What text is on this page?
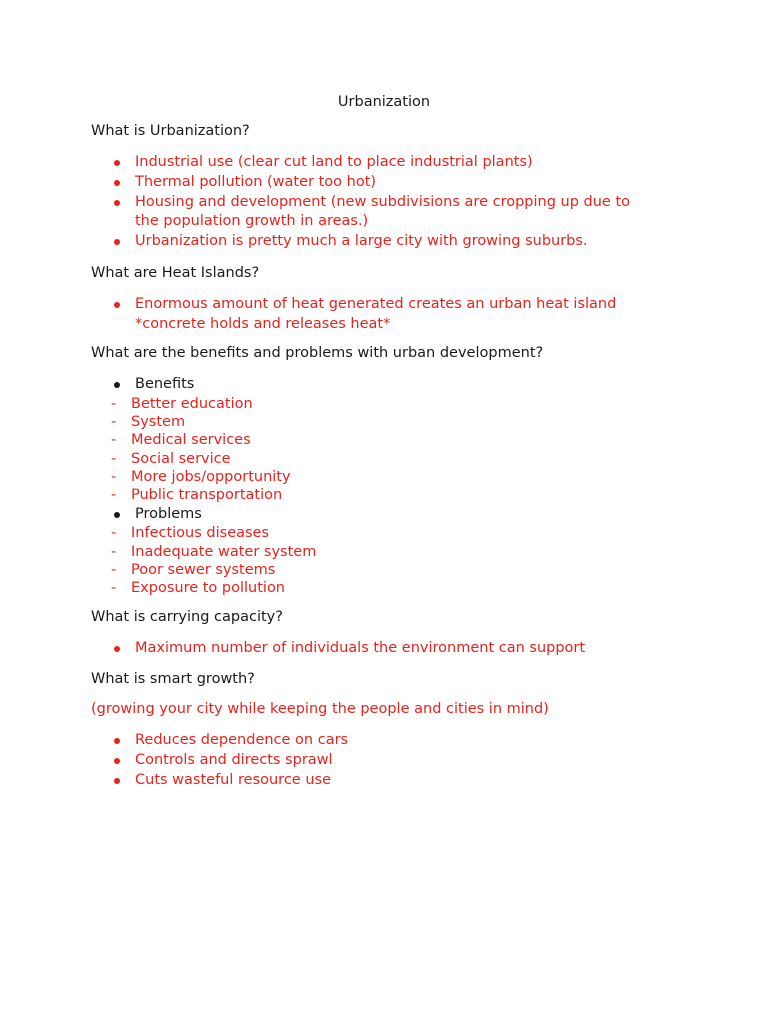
Urbanization
What is Urbanization?
Industrial use (clear cut land to place industrial plants)
Thermal pollution (water too hot)
Housing and development (new subdivisions are cropping up due to
the population growth in areas.)
Urbanization is pretty much a large city with growing suburbs.
What are Heat Islands?
Enormous amount of heat generated creates an urban heat island
*concrete holds and releases heat*
What are the benefits and problems with urban development?
Benefits
- Better education
- System
- Medical services
- Social service
- More jobs/opportunity
- Public transportation
Problems
- Infectious diseases
- Inadequate water system
- Poor sewer systems
- Exposure to pollution
What is carrying capacity?
Maximum number of individuals the environment can support
What is smart growth?
(growing your city while keeping the people and cities in mind)
Reduces dependence on cars
Controls and directs sprawl
Cuts wasteful resource use
